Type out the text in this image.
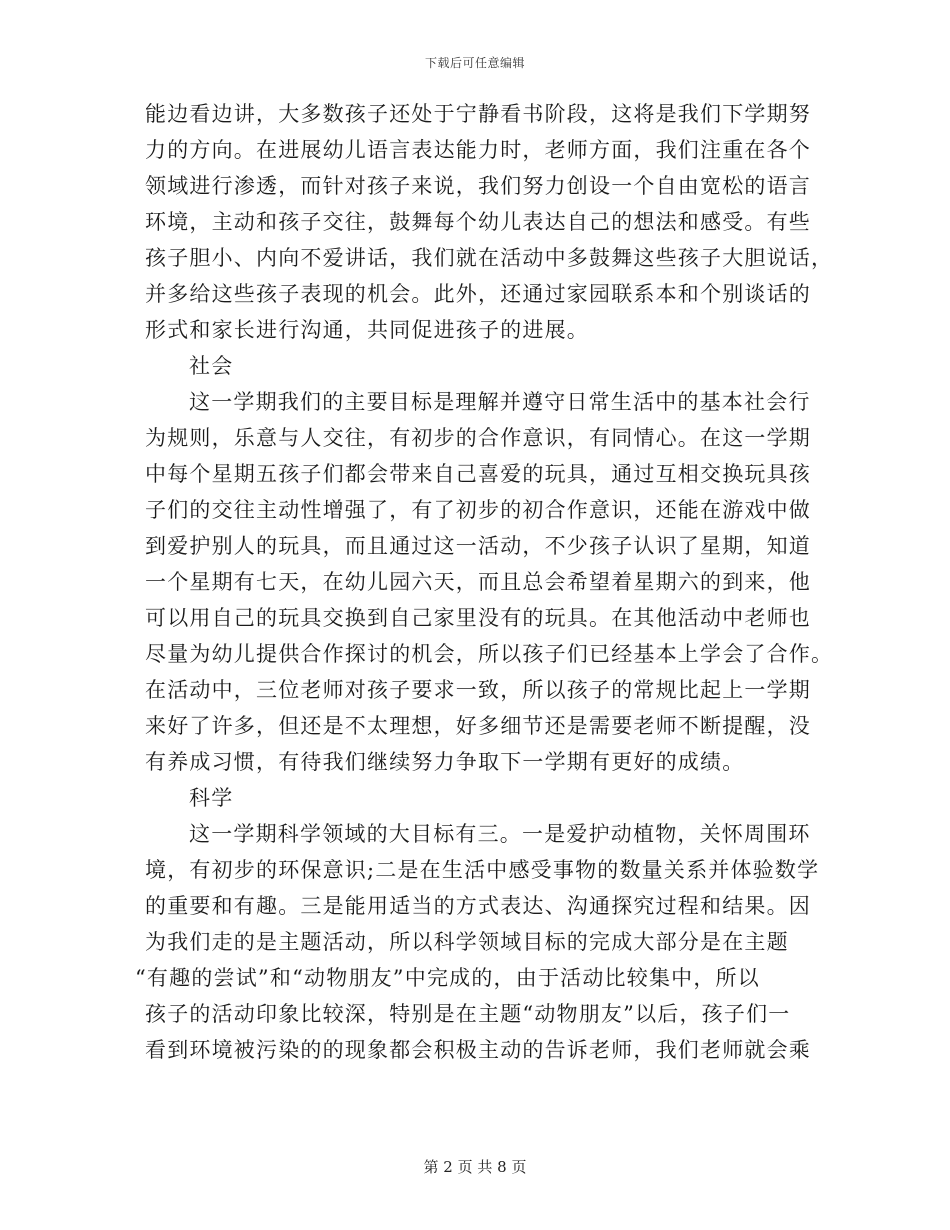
下载后可任意编辑
能边看边讲，大多数孩子还处于宁静看书阶段，这将是我们下学期努
力的方向。在进展幼儿语言表达能力时，老师方面，我们注重在各个
领域进行渗透，而针对孩子来说，我们努力创设一个自由宽松的语言
环境，主动和孩子交往，鼓舞每个幼儿表达自己的想法和感受。有些
孩子胆小、内向不爱讲话，我们就在活动中多鼓舞这些孩子大胆说话，
并多给这些孩子表现的机会。此外，还通过家园联系本和个别谈话的
形式和家长进行沟通，共同促进孩子的进展。
社会
这一学期我们的主要目标是理解并遵守日常生活中的基本社会行
为规则，乐意与人交往，有初步的合作意识，有同情心。在这一学期
中每个星期五孩子们都会带来自己喜爱的玩具，通过互相交换玩具孩
子们的交往主动性增强了，有了初步的初合作意识，还能在游戏中做
到爱护别人的玩具，而且通过这一活动，不少孩子认识了星期，知道
一个星期有七天，在幼儿园六天，而且总会希望着星期六的到来，他
可以用自己的玩具交换到自己家里没有的玩具。在其他活动中老师也
尽量为幼儿提供合作探讨的机会，所以孩子们已经基本上学会了合作。
在活动中，三位老师对孩子要求一致，所以孩子的常规比起上一学期
来好了许多，但还是不太理想，好多细节还是需要老师不断提醒，没
有养成习惯，有待我们继续努力争取下一学期有更好的成绩。
科学
这一学期科学领域的大目标有三。一是爱护动植物，关怀周围环
境，有初步的环保意识;二是在生活中感受事物的数量关系并体验数学
的重要和有趣。三是能用适当的方式表达、沟通探究过程和结果。因
为我们走的是主题活动，所以科学领域目标的完成大部分是在主题
“有趣的尝试”和“动物朋友”中完成的，由于活动比较集中，所以
孩子的活动印象比较深，特别是在主题“动物朋友”以后，孩子们一
看到环境被污染的的现象都会积极主动的告诉老师，我们老师就会乘
第 2 页 共 8 页
